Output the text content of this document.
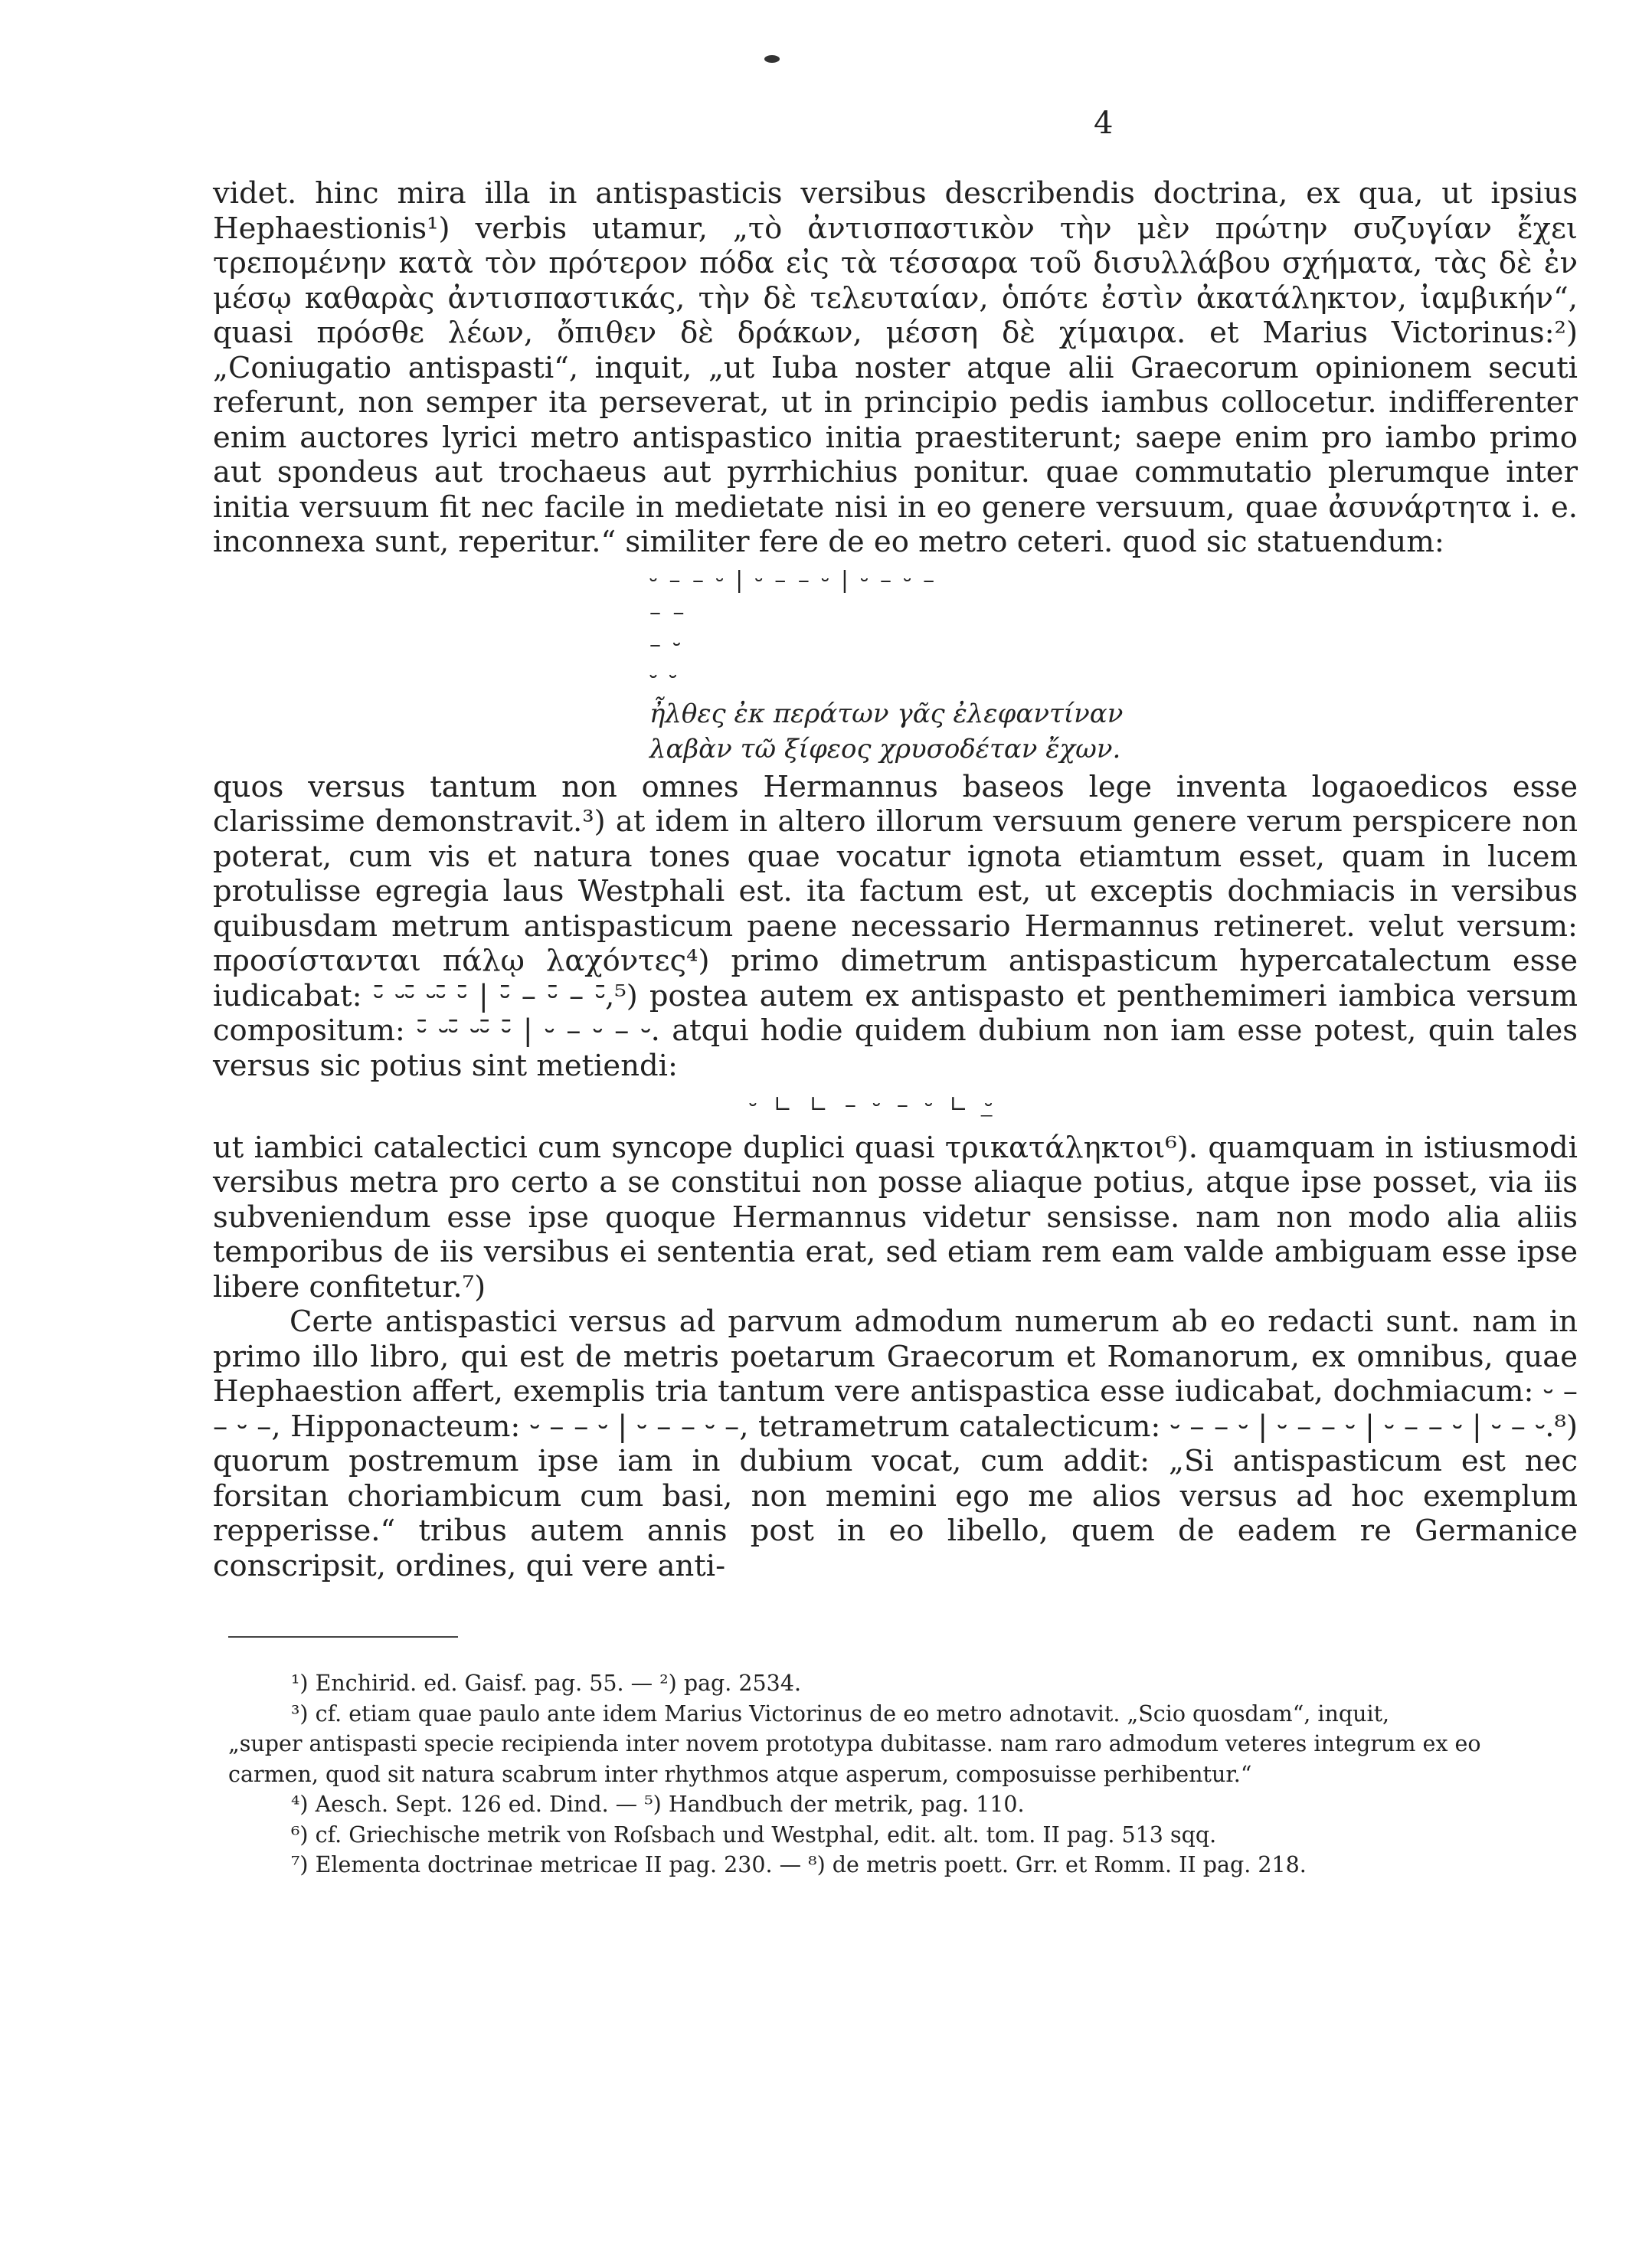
4

videt. hinc mira illa in antispasticis versibus describendis doctrina, ex qua, ut ipsius Hephaestionis¹) verbis utamur, „τὸ ἀντισπαστικὸν τὴν μὲν πρώτην συζυγίαν ἔχει τρεπομένην κατὰ τὸν πρότερον πόδα εἰς τὰ τέσσαρα τοῦ δισυλλάβου σχήματα, τὰς δὲ ἐν μέσῳ καθαρὰς ἀντισπαστικάς, τὴν δὲ τελευταίαν, ὁπότε ἐστὶν ἀκατάληκτον, ἰαμβικήν“, quasi πρόσθε λέων, ὄπιθεν δὲ δράκων, μέσση δὲ χίμαιρα. et Marius Victorinus:²) „Coniugatio antispasti“, inquit, „ut Iuba noster atque alii Graecorum opinionem secuti referunt, non semper ita perseverat, ut in principio pedis iambus collocetur. indifferenter enim auctores lyrici metro antispastico initia praestiterunt; saepe enim pro iambo primo aut spondeus aut trochaeus aut pyrrhichius ponitur. quae commutatio plerumque inter initia versuum fit nec facile in medietate nisi in eo genere versuum, quae ἀσυνάρτητα i. e. inconnexa sunt, reperitur.“ similiter fere de eo metro ceteri. quod sic statuendum:

⏑ – – ⏑ | ⏑ – – ⏑ | ⏑ – ⏑ –
– –
– ⏑
⏑ ⏑
ἦλθες ἐκ περάτων γᾶς ἐλεφαντίναν
λαβὰν τῶ ξίφεος χρυσοδέταν ἔχων.

quos versus tantum non omnes Hermannus baseos lege inventa logaoedicos esse clarissime demonstravit.³) at idem in altero illorum versuum genere verum perspicere non poterat, cum vis et natura tones quae vocatur ignota etiamtum esset, quam in lucem protulisse egregia laus Westphali est. ita factum est, ut exceptis dochmiacis in versibus quibusdam metrum antispasticum paene necessario Hermannus retineret. velut versum: προσίστανται πάλῳ λαχόντες⁴) primo dimetrum antispasticum hypercatalectum esse iudicabat: ⏑̄ ⏑⏑̄ ⏑⏑̄ ⏑̄ | ⏑̄ – ⏑̄ – ⏑̄,⁵) postea autem ex antispasto et penthemimeri iambica versum compositum: ⏑̄ ⏑⏑̄ ⏑⏑̄ ⏑̄ | ⏑ – ⏑ – ⏑. atqui hodie quidem dubium non iam esse potest, quin tales versus sic potius sint metiendi:

⏑ ∟ ∟ – ⏑ – ⏑ ∟ ⏑̲

ut iambici catalectici cum syncope duplici quasi τρικατάληκτοι⁶). quamquam in istiusmodi versibus metra pro certo a se constitui non posse aliaque potius, atque ipse posset, via iis subveniendum esse ipse quoque Hermannus videtur sensisse. nam non modo alia aliis temporibus de iis versibus ei sententia erat, sed etiam rem eam valde ambiguam esse ipse libere confitetur.⁷)

Certe antispastici versus ad parvum admodum numerum ab eo redacti sunt. nam in primo illo libro, qui est de metris poetarum Graecorum et Romanorum, ex omnibus, quae Hephaestion affert, exemplis tria tantum vere antispastica esse iudicabat, dochmiacum: ⏑ – – ⏑ –, Hipponacteum: ⏑ – – ⏑ | ⏑ – – ⏑ –, tetrametrum catalecticum: ⏑ – – ⏑ | ⏑ – – ⏑ | ⏑ – – ⏑ | ⏑ – ⏑.⁸) quorum postremum ipse iam in dubium vocat, cum addit: „Si antispasticum est nec forsitan choriambicum cum basi, non memini ego me alios versus ad hoc exemplum repperisse.“ tribus autem annis post in eo libello, quem de eadem re Germanice conscripsit, ordines, qui vere anti-

¹) Enchirid. ed. Gaisf. pag. 55. — ²) pag. 2534.

³) cf. etiam quae paulo ante idem Marius Victorinus de eo metro adnotavit. „Scio quosdam“, inquit,

„super antispasti specie recipienda inter novem prototypa dubitasse. nam raro admodum veteres integrum ex eo

carmen, quod sit natura scabrum inter rhythmos atque asperum, composuisse perhibentur.“

⁴) Aesch. Sept. 126 ed. Dind. — ⁵) Handbuch der metrik, pag. 110.

⁶) cf. Griechische metrik von Roſsbach und Westphal, edit. alt. tom. II pag. 513 sqq.

⁷) Elementa doctrinae metricae II pag. 230. — ⁸) de metris poett. Grr. et Romm. II pag. 218.
